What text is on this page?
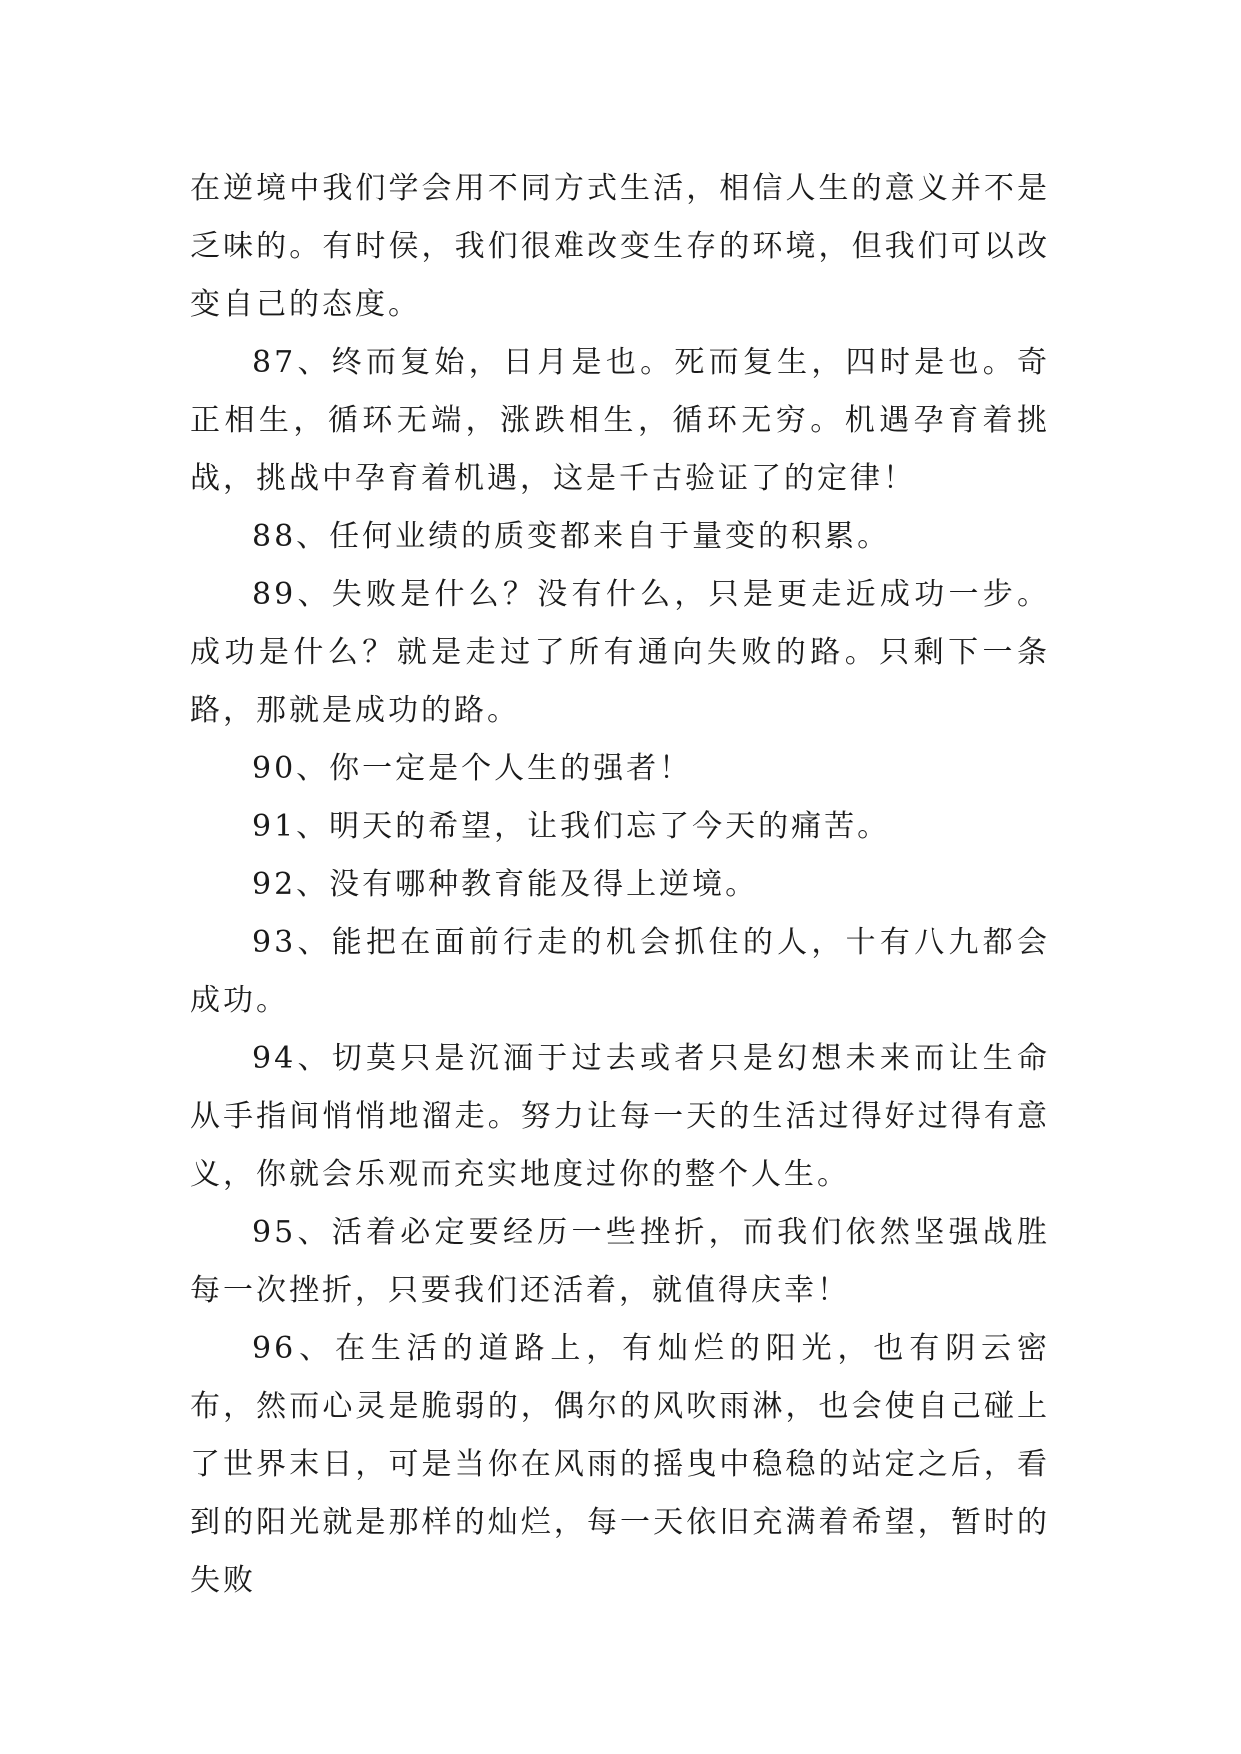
在逆境中我们学会用不同方式生活，相信人生的意义并不是乏味的。有时侯，我们很难改变生存的环境，但我们可以改变自己的态度。

87、终而复始，日月是也。死而复生，四时是也。奇正相生，循环无端，涨跌相生，循环无穷。机遇孕育着挑战，挑战中孕育着机遇，这是千古验证了的定律！

88、任何业绩的质变都来自于量变的积累。

89、失败是什么？没有什么，只是更走近成功一步。成功是什么？就是走过了所有通向失败的路。只剩下一条路，那就是成功的路。

90、你一定是个人生的强者！

91、明天的希望，让我们忘了今天的痛苦。

92、没有哪种教育能及得上逆境。

93、能把在面前行走的机会抓住的人，十有八九都会成功。

94、切莫只是沉湎于过去或者只是幻想未来而让生命从手指间悄悄地溜走。努力让每一天的生活过得好过得有意义，你就会乐观而充实地度过你的整个人生。

95、活着必定要经历一些挫折，而我们依然坚强战胜每一次挫折，只要我们还活着，就值得庆幸！

96、在生活的道路上，有灿烂的阳光，也有阴云密布，然而心灵是脆弱的，偶尔的风吹雨淋，也会使自己碰上了世界末日，可是当你在风雨的摇曳中稳稳的站定之后，看到的阳光就是那样的灿烂，每一天依旧充满着希望，暂时的失败
